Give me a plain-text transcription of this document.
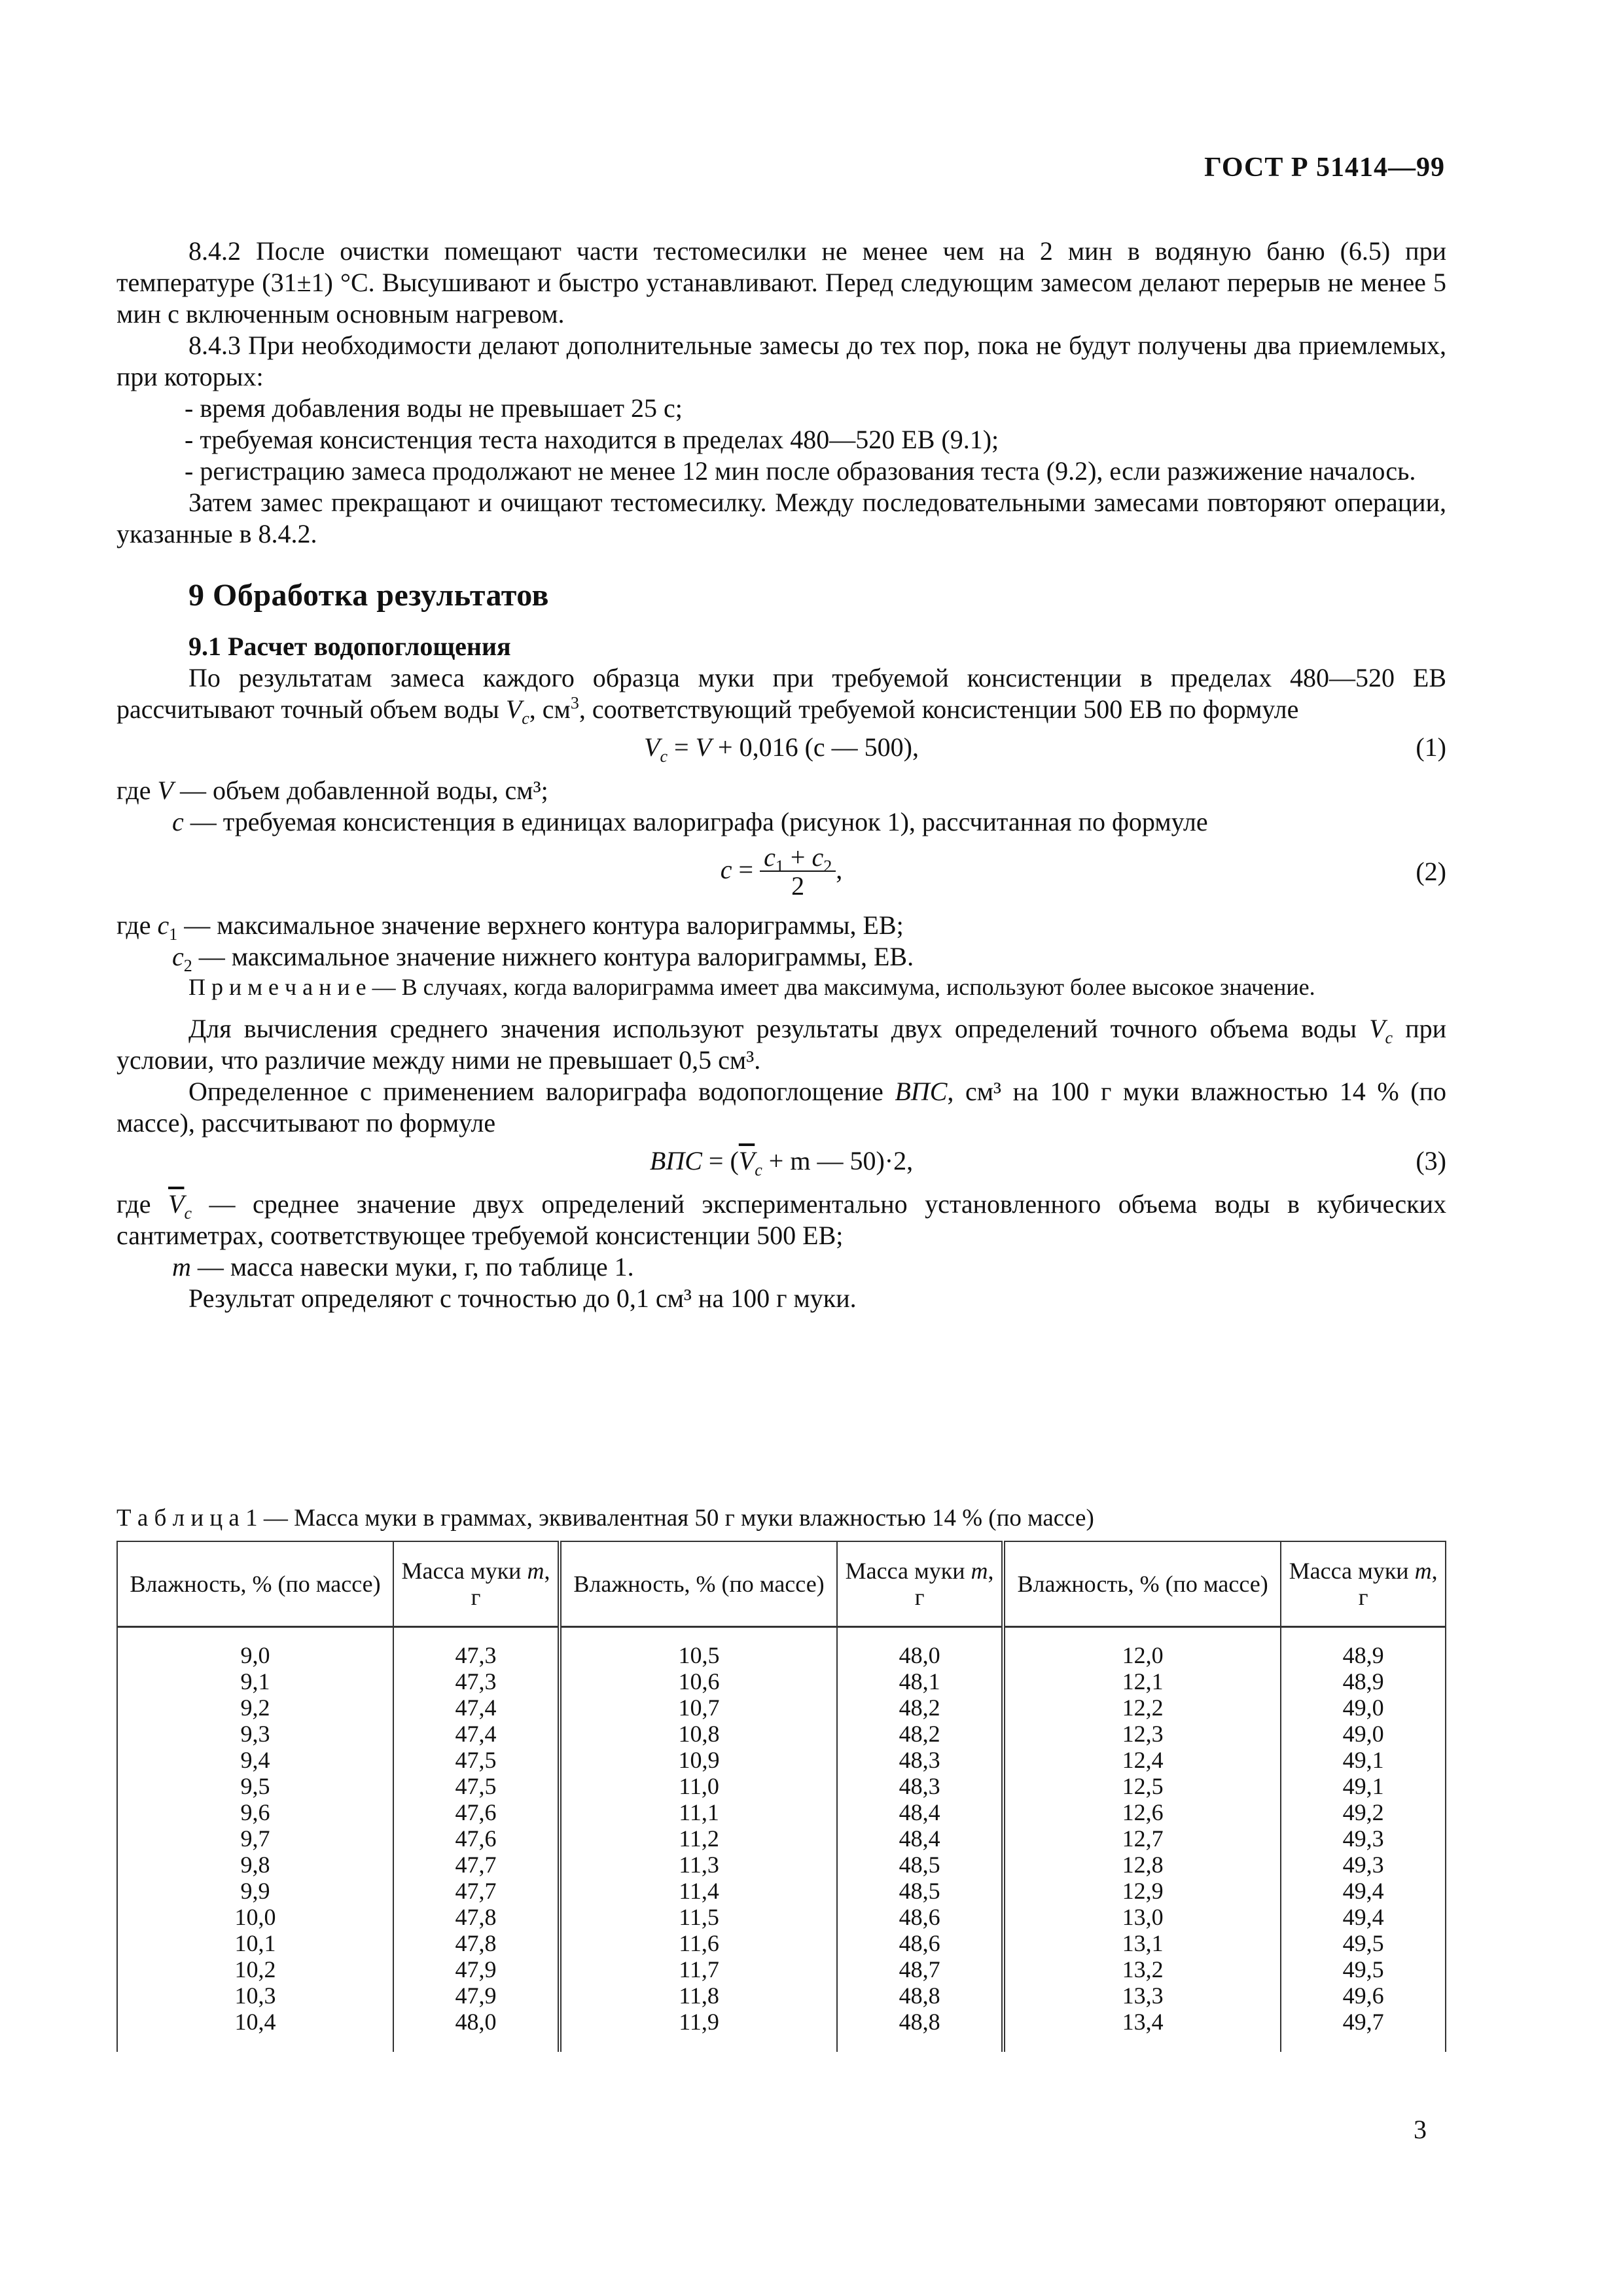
ГОСТ Р 51414—99

8.4.2 После очистки помещают части тестомесилки не менее чем на 2 мин в водяную баню (6.5) при температуре (31±1) °С. Высушивают и быстро устанавливают. Перед следующим замесом делают перерыв не менее 5 мин с включенным основным нагревом.

8.4.3 При необходимости делают дополнительные замесы до тех пор, пока не будут получены два приемлемых, при которых:

- время добавления воды не превышает 25 с;

- требуемая консистенция теста находится в пределах 480—520 ЕВ (9.1);

- регистрацию замеса продолжают не менее 12 мин после образования теста (9.2), если разжижение началось.

Затем замес прекращают и очищают тестомесилку. Между последовательными замесами повторяют операции, указанные в 8.4.2.

9 Обработка результатов
9.1 Расчет водопоглощения

По результатам замеса каждого образца муки при требуемой консистенции в пределах 480—520 ЕВ рассчитывают точный объем воды $V_c$, $см^3$, соответствующий требуемой консистенции 500 ЕВ по формуле

$V_c = V + 0,016$ (c — 500),	(1)

где V — объем добавленной воды, см³;

c — требуемая консистенция в единицах валориграфа (рисунок 1), рассчитанная по формуле

$c = \frac{c_1 + c_2}{2}$ ,	(2)

где $c_1$ — максимальное значение верхнего контура валориграммы, ЕВ;

$c_2$ — максимальное значение нижнего контура валориграммы, ЕВ.

П р и м е ч а н и е — В случаях, когда валориграмма имеет два максимума, используют более высокое значение.

Для вычисления среднего значения используют результаты двух определений точного объема воды $V_c$ при условии, что различие между ними не превышает 0,5 см³.

Определенное с применением валориграфа водопоглощение ВПС, см³ на 100 г муки влажностью 14 % (по массе), рассчитывают по формуле

ВПС = ($\overline{V}_c + m$ — 50)·2,	(3)

где $\overline{V}_c$ — среднее значение двух определений экспериментально установленного объема воды в кубических сантиметрах, соответствующее требуемой консистенции 500 ЕВ;

m — масса навески муки, г, по таблице 1.

Результат определяют с точностью до 0,1 см³ на 100 г муки.

Т а б л и ц а 1 — Масса муки в граммах, эквивалентная 50 г муки влажностью 14 % (по массе)
Влажность, % (по массе)	Масса муки m,
г	Влажность, % (по массе)	Масса муки m,
г	Влажность, % (по массе)	Масса муки m,
г
9,0	47,3	10,5	48,0	12,0	48,9
9,1	47,3	10,6	48,1	12,1	48,9
9,2	47,4	10,7	48,2	12,2	49,0
9,3	47,4	10,8	48,2	12,3	49,0
9,4	47,5	10,9	48,3	12,4	49,1
9,5	47,5	11,0	48,3	12,5	49,1
9,6	47,6	11,1	48,4	12,6	49,2
9,7	47,6	11,2	48,4	12,7	49,3
9,8	47,7	11,3	48,5	12,8	49,3
9,9	47,7	11,4	48,5	12,9	49,4
10,0	47,8	11,5	48,6	13,0	49,4
10,1	47,8	11,6	48,6	13,1	49,5
10,2	47,9	11,7	48,7	13,2	49,5
10,3	47,9	11,8	48,8	13,3	49,6
10,4	48,0	11,9	48,8	13,4	49,7
3
